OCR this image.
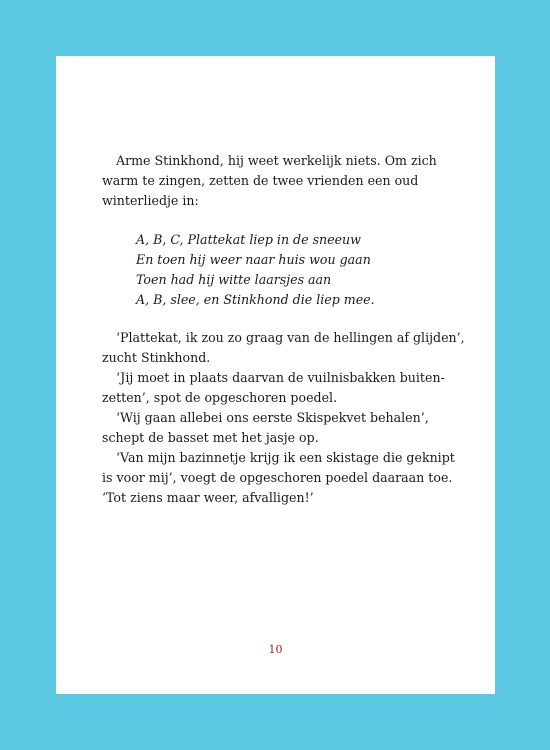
Arme Stinkhond, hij weet werkelijk niets. Om zich
warm te zingen, zetten de twee vrienden een oud
winterliedje in:
A, B, C, Plattekat liep in de sneeuw
En toen hij weer naar huis wou gaan
Toen had hij witte laarsjes aan
A, B, slee, en Stinkhond die liep mee.
‘Plattekat, ik zou zo graag van de hellingen af glijden’,
zucht Stinkhond.
‘Jij moet in plaats daarvan de vuilnisbakken buiten-
zetten’, spot de opgeschoren poedel.
‘Wij gaan allebei ons eerste Skispekvet behalen’,
schept de basset met het jasje op.
‘Van mijn bazinnetje krijg ik een skistage die geknipt
is voor mij’, voegt de opgeschoren poedel daaraan toe.
‘Tot ziens maar weer, afvalligen!’
10
